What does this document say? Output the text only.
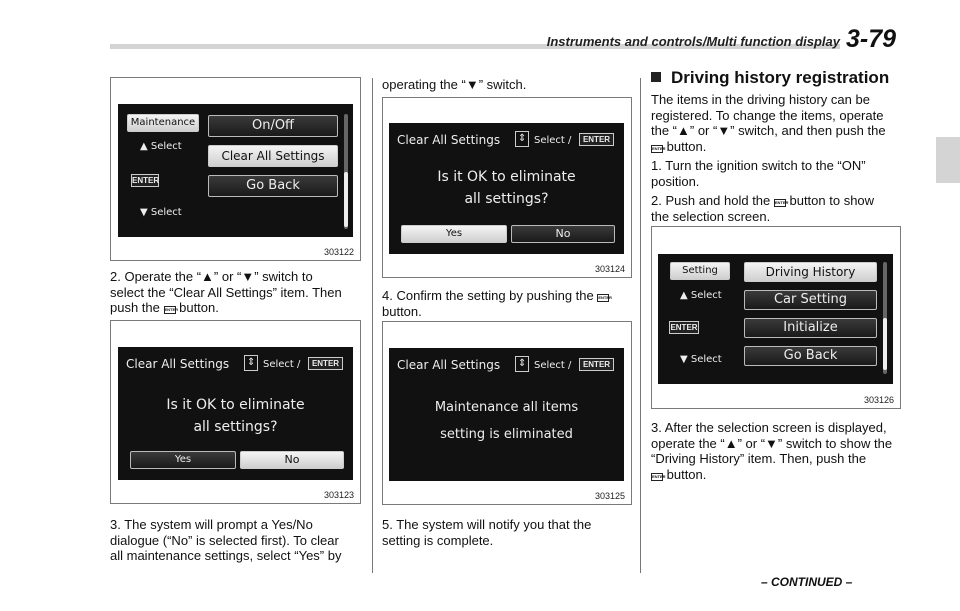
Instruments and controls/Multi function display 3-79
Maintenance
▲ Select
ENTER
▼ Select
On/Off
Clear All Settings
Go Back
303122
2. Operate the “▲” or “▼” switch to
select the “Clear All Settings” item. Then
push the ENTER button.
Clear All Settings	⇕ Select /	ENTER
Is it OK to eliminate
all settings?
Yes	No
303123
3. The system will prompt a Yes/No
dialogue (“No” is selected first). To clear
all maintenance settings, select “Yes” by
operating the “▼” switch.
Clear All Settings	⇕ Select /	ENTER
Is it OK to eliminate
all settings?
Yes	No
303124
4. Confirm the setting by pushing the ENTER
button.
Clear All Settings	⇕ Select /	ENTER
Maintenance all items
setting is eliminated
303125
5. The system will notify you that the
setting is complete.
Driving history registration
The items in the driving history can be
registered. To change the items, operate
the “▲” or “▼” switch, and then push the
ENTER button.
1. Turn the ignition switch to the “ON”
position.
2. Push and hold the ENTER button to show
the selection screen.
Setting
▲ Select
ENTER
▼ Select
Driving History
Car Setting
Initialize
Go Back
303126
3. After the selection screen is displayed,
operate the “▲” or “▼” switch to show the
“Driving History” item. Then, push the
ENTER button.
– CONTINUED –
